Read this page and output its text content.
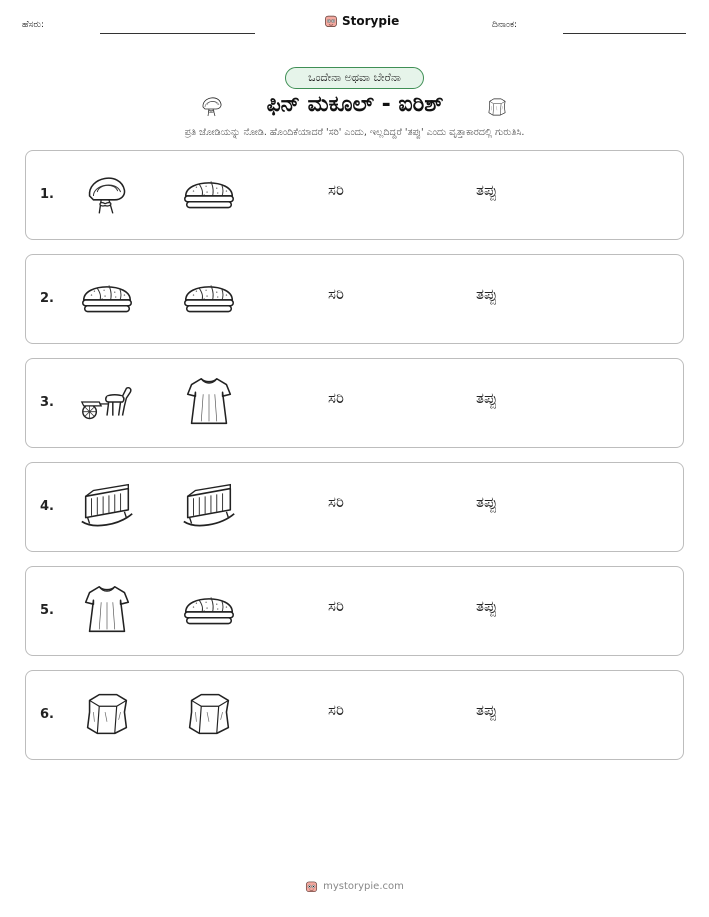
ಹೆಸರು:	Storypie	ದಿನಾಂಕ:
ಒಂದೇನಾ ಅಥವಾ ಬೇರೆನಾ
ಫಿನ್ ಮಕೂಲ್ - ಐರಿಶ್
ಪ್ರತಿ ಜೋಡಿಯನ್ನು ನೋಡಿ. ಹೊಂದಿಕೆಯಾದರೆ 'ಸರಿ' ಎಂದು, ಇಲ್ಲದಿದ್ದರೆ 'ತಪ್ಪು' ಎಂದು ವೃತ್ತಾಕಾರದಲ್ಲಿ ಗುರುತಿಸಿ.
1.	ಸರಿ	ತಪ್ಪು
2.	ಸರಿ	ತಪ್ಪು
3.	ಸರಿ	ತಪ್ಪು
4.	ಸರಿ	ತಪ್ಪು
5.	ಸರಿ	ತಪ್ಪು
6.	ಸರಿ	ತಪ್ಪು
mystorypie.com
